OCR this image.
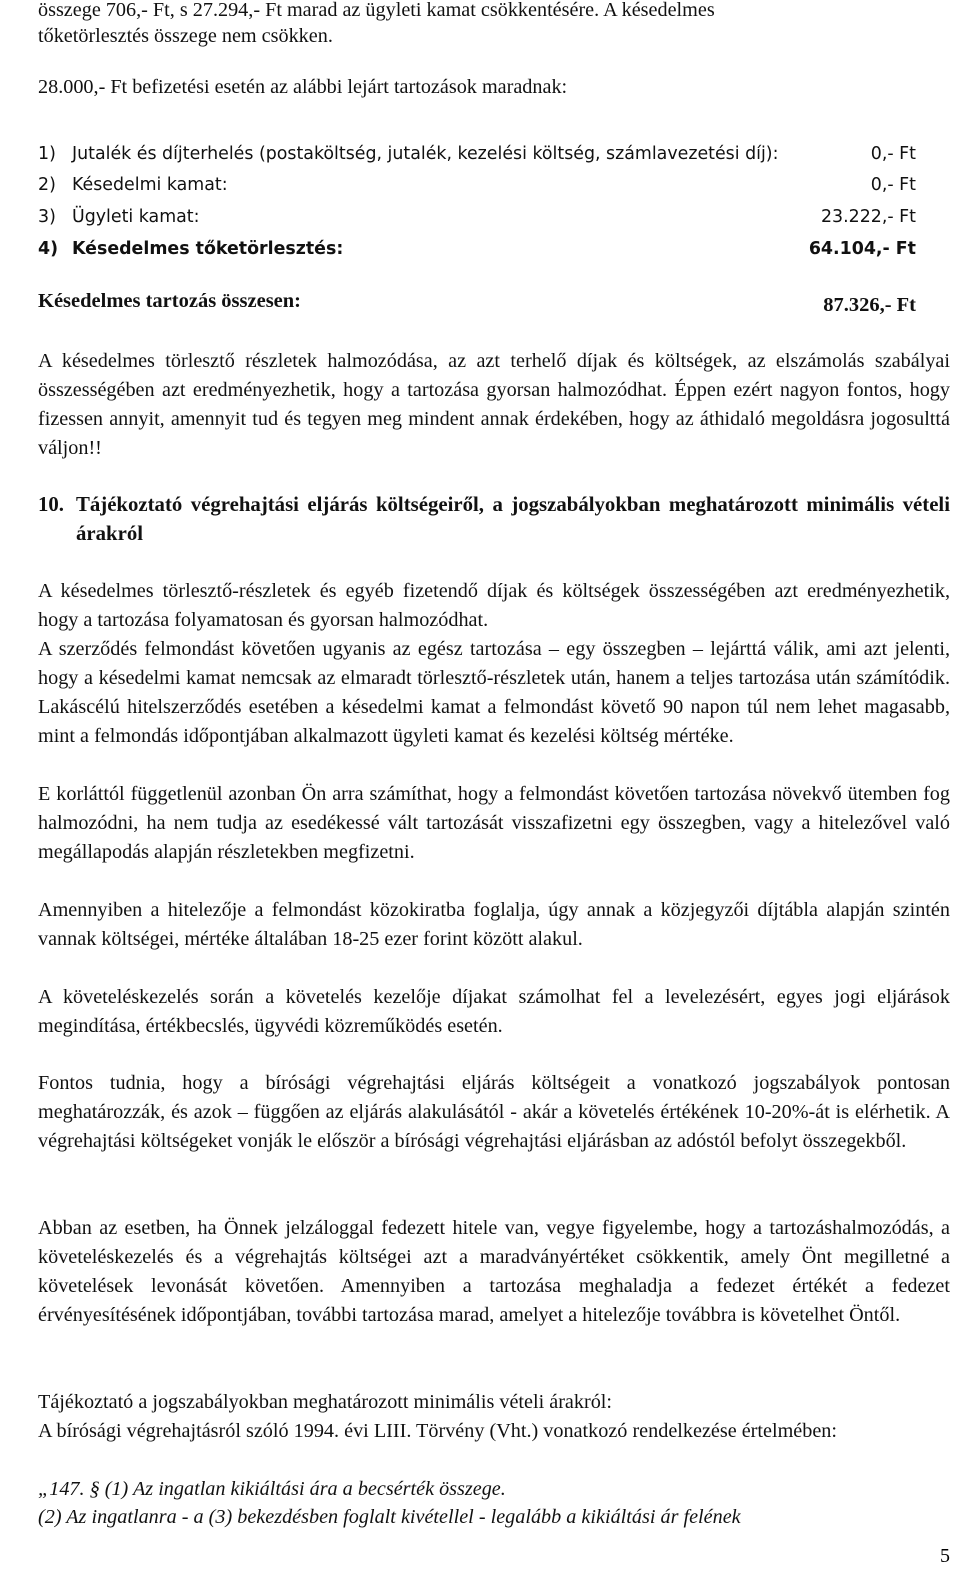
összege 706,- Ft, s 27.294,- Ft marad az ügyleti kamat csökkentésére. A késedelmes

tőketörlesztés összege nem csökken.

28.000,- Ft befizetési esetén az alábbi lejárt tartozások maradnak:

1) Jutalék és díjterhelés (postaköltség, jutalék, kezelési költség, számlavezetési díj):	0,- Ft
2) Késedelmi kamat:	0,- Ft
3) Ügyleti kamat:	23.222,- Ft
4) Késedelmes tőketörlesztés:	64.104,- Ft
Késedelmes tartozás összesen:	87.326,- Ft

A késedelmes törlesztő részletek halmozódása, az azt terhelő díjak és költségek, az elszámolás szabályai összességében azt eredményezhetik, hogy a tartozása gyorsan halmozódhat. Éppen ezért nagyon fontos, hogy fizessen annyit, amennyit tud és tegyen meg mindent annak érdekében, hogy az áthidaló megoldásra jogosulttá váljon!!

10. Tájékoztató végrehajtási eljárás költségeiről, a jogszabályokban meghatározott minimális vételi árakról

A késedelmes törlesztő-részletek és egyéb fizetendő díjak és költségek összességében azt eredményezhetik, hogy a tartozása folyamatosan és gyorsan halmozódhat.

A szerződés felmondást követően ugyanis az egész tartozása – egy összegben – lejárttá válik, ami azt jelenti, hogy a késedelmi kamat nemcsak az elmaradt törlesztő-részletek után, hanem a teljes tartozása után számítódik. Lakáscélú hitelszerződés esetében a késedelmi kamat a felmondást követő 90 napon túl nem lehet magasabb, mint a felmondás időpontjában alkalmazott ügyleti kamat és kezelési költség mértéke.

E korláttól függetlenül azonban Ön arra számíthat, hogy a felmondást követően tartozása növekvő ütemben fog halmozódni, ha nem tudja az esedékessé vált tartozását visszafizetni egy összegben, vagy a hitelezővel való megállapodás alapján részletekben megfizetni.

Amennyiben a hitelezője a felmondást közokiratba foglalja, úgy annak a közjegyzői díjtábla alapján szintén vannak költségei, mértéke általában 18-25 ezer forint között alakul.

A követeléskezelés során a követelés kezelője díjakat számolhat fel a levelezésért, egyes jogi eljárások megindítása, értékbecslés, ügyvédi közreműködés esetén.

Fontos tudnia, hogy a bírósági végrehajtási eljárás költségeit a vonatkozó jogszabályok pontosan meghatározzák, és azok – függően az eljárás alakulásától - akár a követelés értékének 10-20%-át is elérhetik. A végrehajtási költségeket vonják le először a bírósági végrehajtási eljárásban az adóstól befolyt összegekből.

Abban az esetben, ha Önnek jelzáloggal fedezett hitele van, vegye figyelembe, hogy a tartozáshalmozódás, a követeléskezelés és a végrehajtás költségei azt a maradványértéket csökkentik, amely Önt megilletné a követelések levonását követően. Amennyiben a tartozása meghaladja a fedezet értékét a fedezet érvényesítésének időpontjában, további tartozása marad, amelyet a hitelezője továbbra is követelhet Öntől.

Tájékoztató a jogszabályokban meghatározott minimális vételi árakról:

A bírósági végrehajtásról szóló 1994. évi LIII. Törvény (Vht.) vonatkozó rendelkezése értelmében:

„147. § (1) Az ingatlan kikiáltási ára a becsérték összege.

(2) Az ingatlanra - a (3) bekezdésben foglalt kivétellel - legalább a kikiáltási ár felének

5
